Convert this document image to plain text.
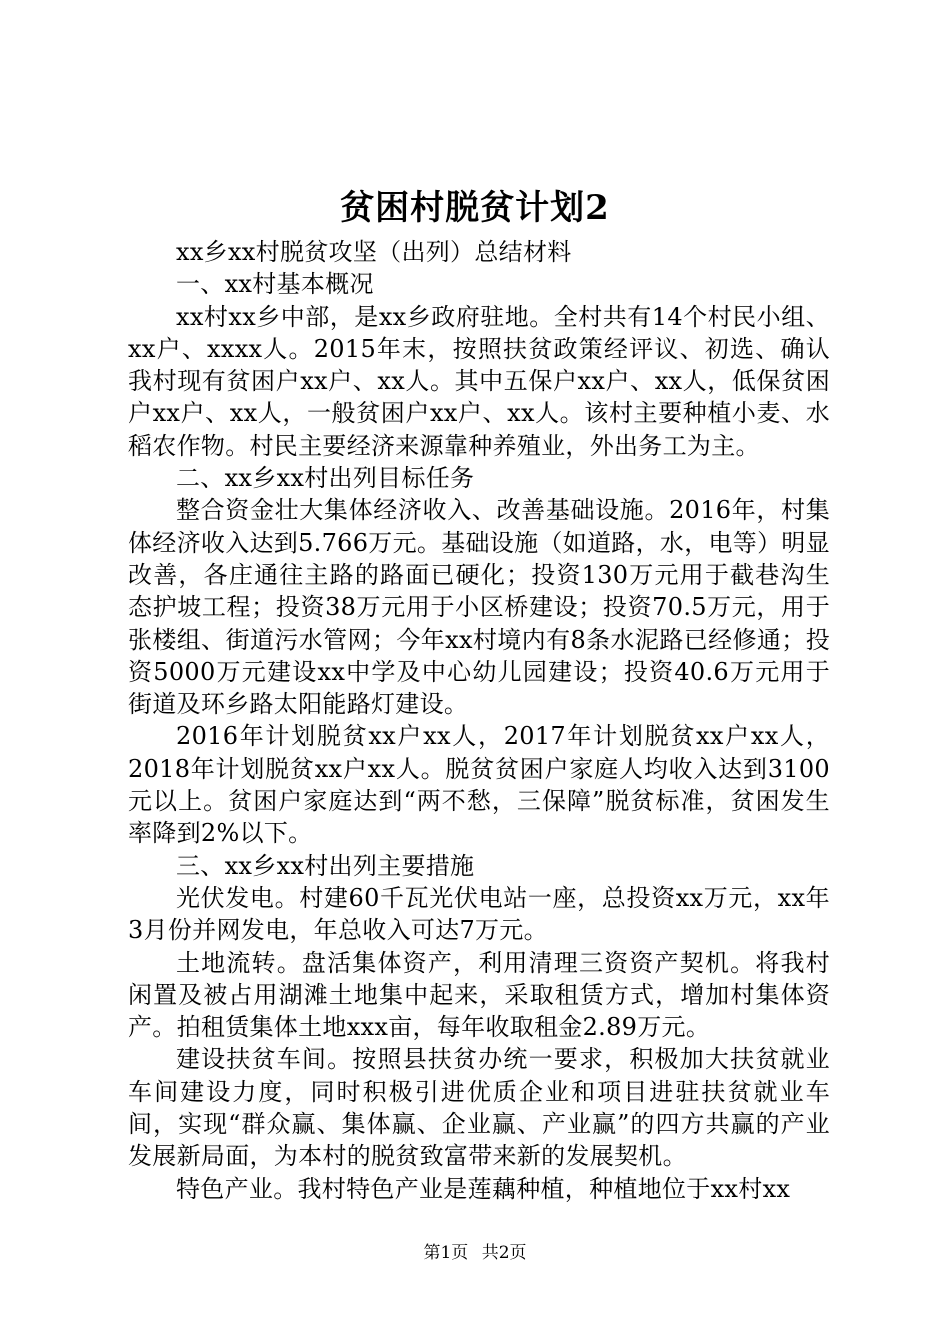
贫困村脱贫计划2

xx乡xx村脱贫攻坚（出列）总结材料

一、xx村基本概况

xx村xx乡中部，是xx乡政府驻地。全村共有14个村民小组、xx户、xxxx人。2015年末，按照扶贫政策经评议、初选、确认我村现有贫困户xx户、xx人。其中五保户xx户、xx人，低保贫困户xx户、xx人，一般贫困户xx户、xx人。该村主要种植小麦、水稻农作物。村民主要经济来源靠种养殖业，外出务工为主。

二、xx乡xx村出列目标任务

整合资金壮大集体经济收入、改善基础设施。2016年，村集体经济收入达到5.766万元。基础设施（如道路，水，电等）明显改善，各庄通往主路的路面已硬化；投资130万元用于截巷沟生态护坡工程；投资38万元用于小区桥建设；投资70.5万元，用于张楼组、街道污水管网；今年xx村境内有8条水泥路已经修通；投资5000万元建设xx中学及中心幼儿园建设；投资40.6万元用于街道及环乡路太阳能路灯建设。

2016年计划脱贫xx户xx人，2017年计划脱贫xx户xx人，2018年计划脱贫xx户xx人。脱贫贫困户家庭人均收入达到3100元以上。贫困户家庭达到“两不愁，三保障”脱贫标准，贫困发生率降到2%以下。

三、xx乡xx村出列主要措施

光伏发电。村建60千瓦光伏电站一座，总投资xx万元，xx年3月份并网发电，年总收入可达7万元。

土地流转。盘活集体资产，利用清理三资资产契机。将我村闲置及被占用湖滩土地集中起来，采取租赁方式，增加村集体资产。拍租赁集体土地xxx亩，每年收取租金2.89万元。

建设扶贫车间。按照县扶贫办统一要求，积极加大扶贫就业车间建设力度，同时积极引进优质企业和项目进驻扶贫就业车间，实现“群众赢、集体赢、企业赢、产业赢”的四方共赢的产业发展新局面，为本村的脱贫致富带来新的发展契机。

特色产业。我村特色产业是莲藕种植，种植地位于xx村xx

第1页 共2页
